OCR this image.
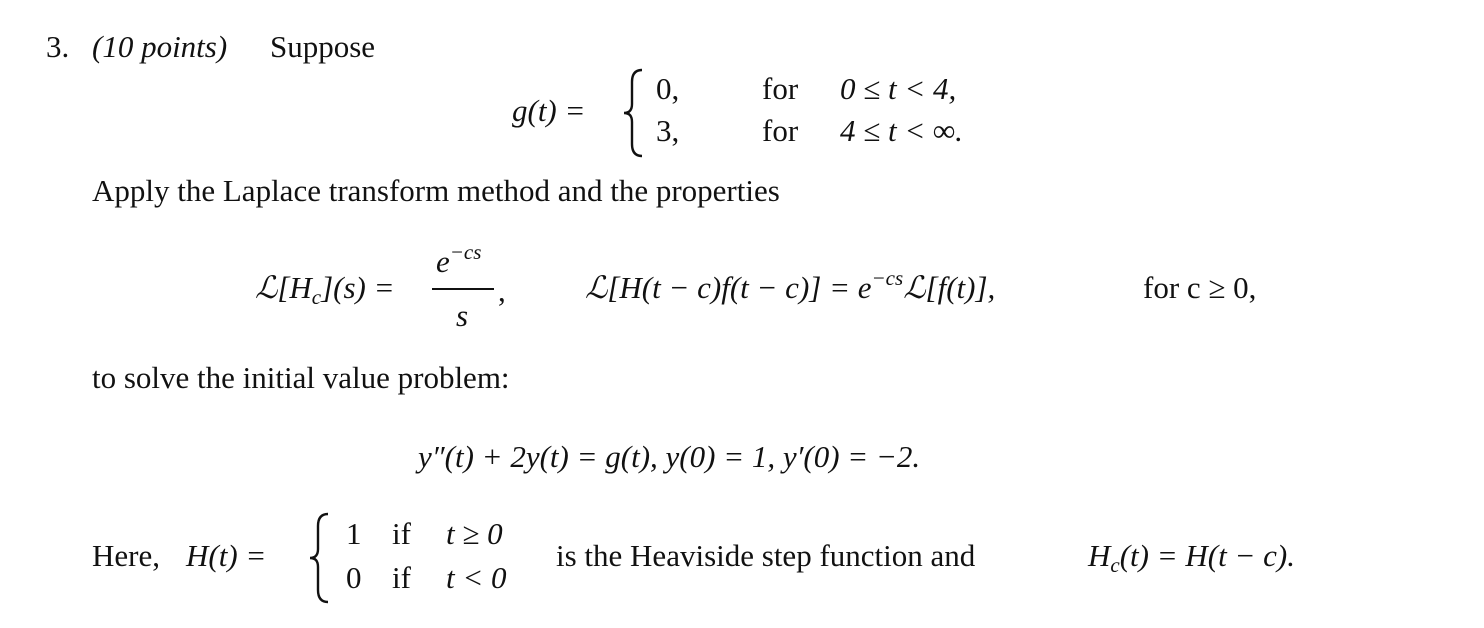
3. (10 points) Suppose
g(t) =
0,	for 0 ≤ t < 4,
3,	for 4 ≤ t < ∞.
Apply the Laplace transform method and the properties
ℒ[Hc](s) =
$e^{-cs}$
s
,	ℒ[H(t − $c)f(t - c)] = e^{-cs}ℒ[f(t)]$,	for c ≥ 0,
to solve the initial value problem:
y″(t) + 2y(t) = g(t), y(0) = 1, y′(0) = −2.
Here, H(t) =
1 if t ≥ 0
0 if t < 0
is the Heaviside step function and	Hc(t) = H(t − c).
